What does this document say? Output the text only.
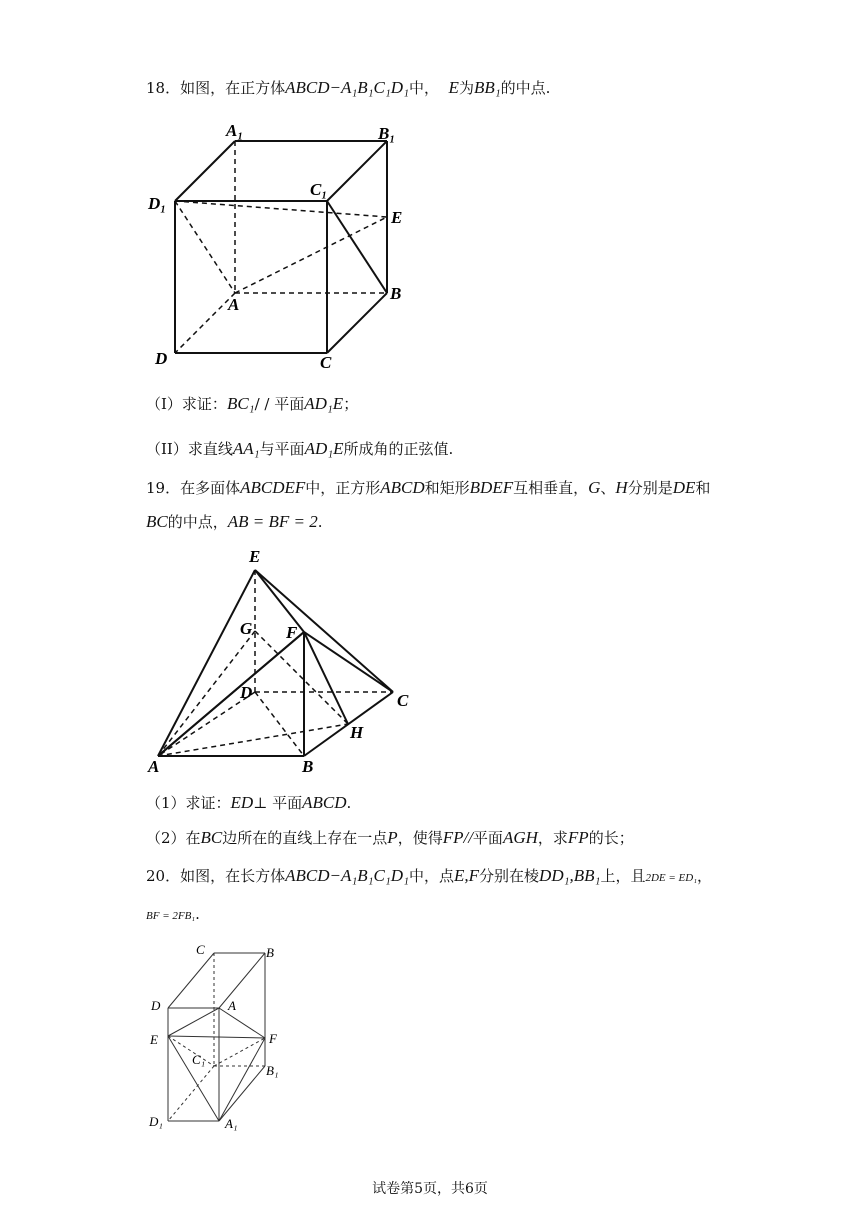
18．如图，在正方体ABCD−A₁B₁C₁D₁中， E为BB₁的中点.
A₁	B₁
C₁
D₁
E
A
B
C
D
（I）求证：BC₁/ / 平面AD₁E；
（II）求直线AA₁与平面AD₁E所成角的正弦值.
19．在多面体ABCDEF中，正方形ABCD和矩形BDEF互相垂直，G、H分别是DE和
BC的中点，AB = BF = 2.
E
G F
D	C
H
A	B
（1）求证：ED⊥ 平面ABCD.
（2）在BC边所在的直线上存在一点P，使得FP//平面AGH，求FP的长；
20．如图，在长方体ABCD−A₁B₁C₁D₁中，点E,F分别在棱DD₁,BB₁上，且2DE = ED₁，
BF = 2FB₁.
C	B
D	A
E	F
C₁
B₁
D₁	A₁
试卷第5页，共6页
